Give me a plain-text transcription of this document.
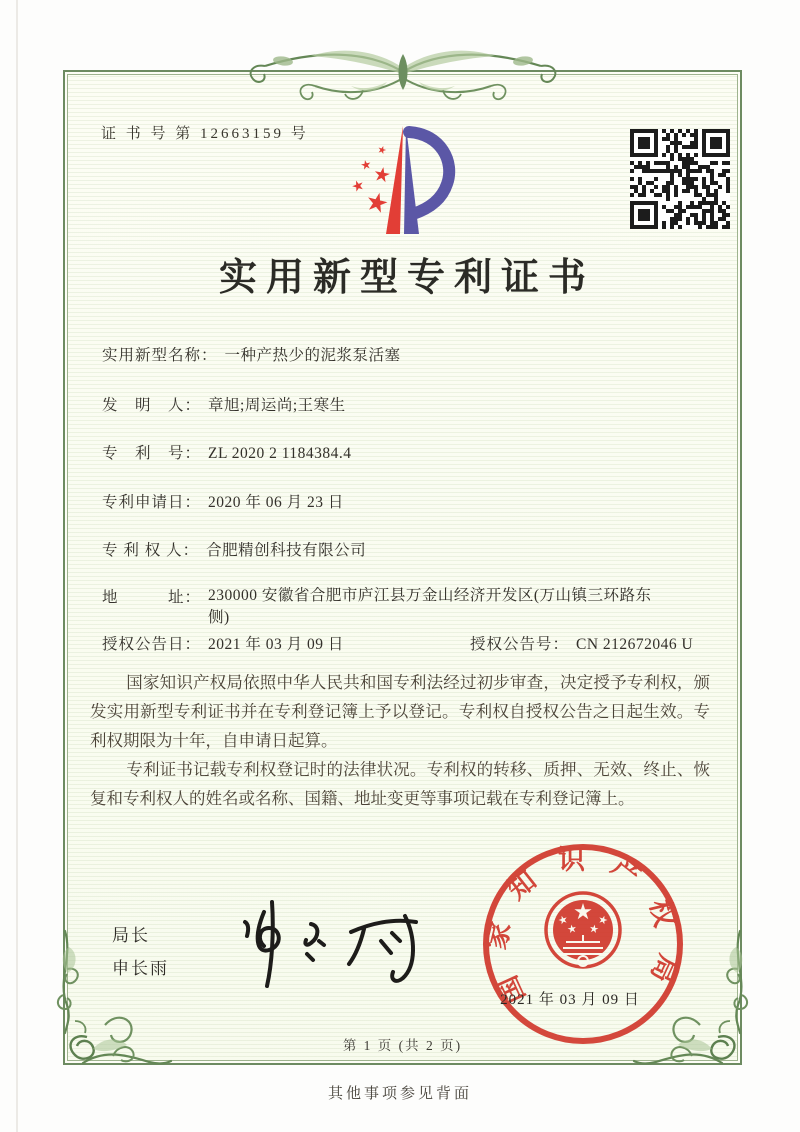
证 书 号 第 12663159 号
实用新型专利证书
实用新型名称： 一种产热少的泥浆泵活塞
发　明　人： 章旭;周运尚;王寒生
专　利　号： ZL 2020 2 1184384.4
专利申请日： 2020 年 06 月 23 日
专 利 权 人： 合肥精创科技有限公司
地　　　址： 230000 安徽省合肥市庐江县万金山经济开发区(万山镇三环路东侧)
授权公告日： 2021 年 03 月 09 日	授权公告号： CN 212672046 U

国家知识产权局依照中华人民共和国专利法经过初步审查，决定授予专利权，颁发实用新型专利证书并在专利登记簿上予以登记。专利权自授权公告之日起生效。专利权期限为十年，自申请日起算。

专利证书记载专利权登记时的法律状况。专利权的转移、质押、无效、终止、恢复和专利权人的姓名或名称、国籍、地址变更等事项记载在专利登记簿上。

局长
申长雨	国家知识产权局
2021 年 03 月 09 日
第 1 页 (共 2 页)
其他事项参见背面
